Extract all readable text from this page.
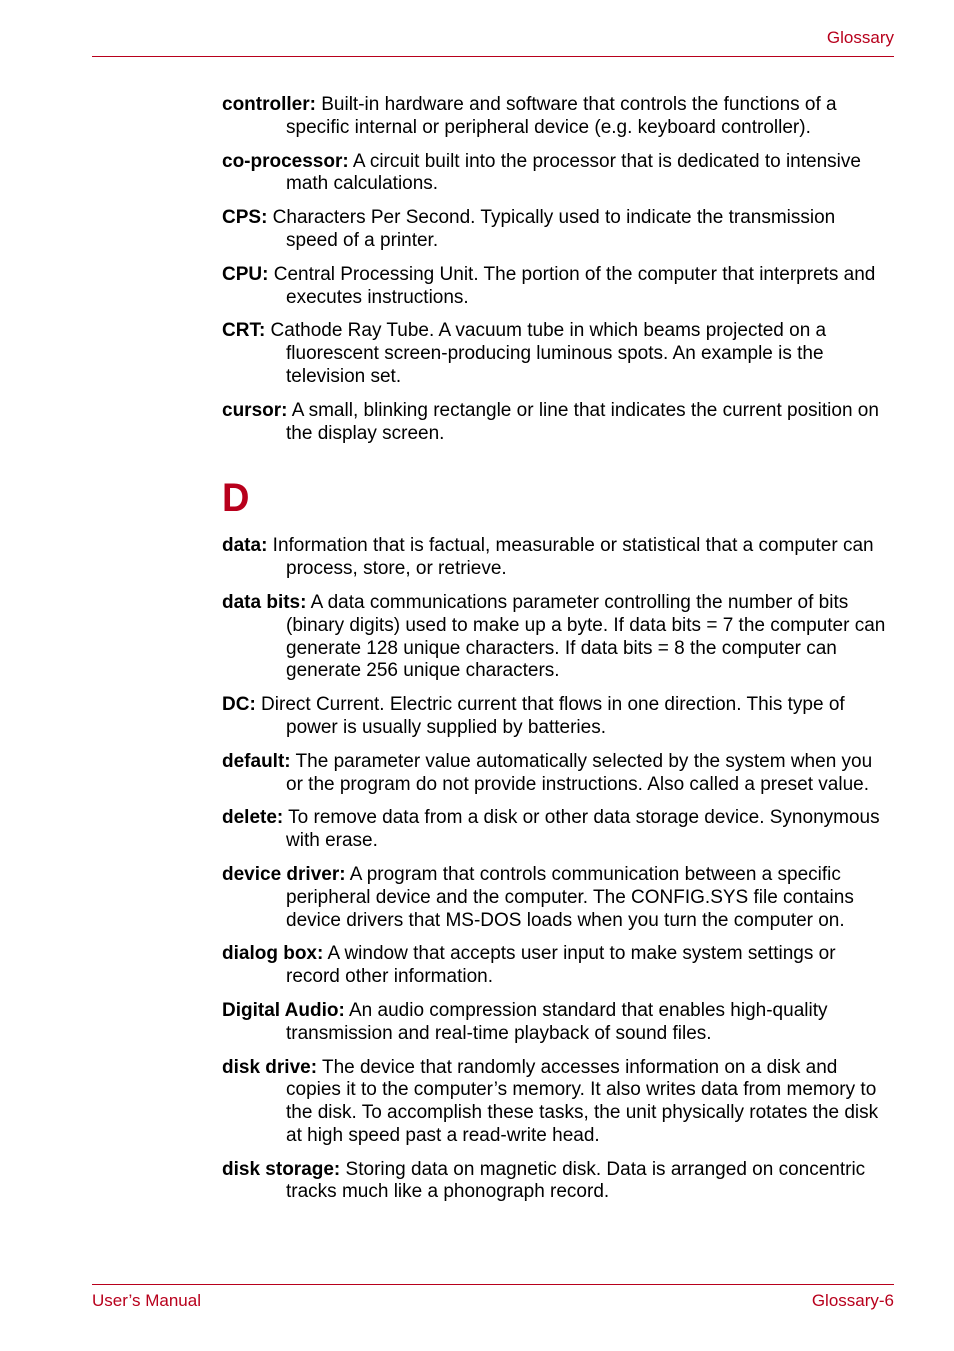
Glossary

controller: Built-in hardware and software that controls the functions of a specific internal or peripheral device (e.g. keyboard controller).

co-processor: A circuit built into the processor that is dedicated to intensive math calculations.

CPS: Characters Per Second. Typically used to indicate the transmission speed of a printer.

CPU: Central Processing Unit. The portion of the computer that interprets and executes instructions.

CRT: Cathode Ray Tube. A vacuum tube in which beams projected on a fluorescent screen-producing luminous spots. An example is the television set.

cursor: A small, blinking rectangle or line that indicates the current position on the display screen.

D

data: Information that is factual, measurable or statistical that a computer can process, store, or retrieve.

data bits: A data communications parameter controlling the number of bits (binary digits) used to make up a byte. If data bits = 7 the computer can generate 128 unique characters. If data bits = 8 the computer can generate 256 unique characters.

DC: Direct Current. Electric current that flows in one direction. This type of power is usually supplied by batteries.

default: The parameter value automatically selected by the system when you or the program do not provide instructions. Also called a preset value.

delete: To remove data from a disk or other data storage device. Synonymous with erase.

device driver: A program that controls communication between a specific peripheral device and the computer. The CONFIG.SYS file contains device drivers that MS-DOS loads when you turn the computer on.

dialog box: A window that accepts user input to make system settings or record other information.

Digital Audio: An audio compression standard that enables high-quality transmission and real-time playback of sound files.

disk drive: The device that randomly accesses information on a disk and copies it to the computer’s memory. It also writes data from memory to the disk. To accomplish these tasks, the unit physically rotates the disk at high speed past a read-write head.

disk storage: Storing data on magnetic disk. Data is arranged on concentric tracks much like a phonograph record.

User’s Manual	Glossary-6
